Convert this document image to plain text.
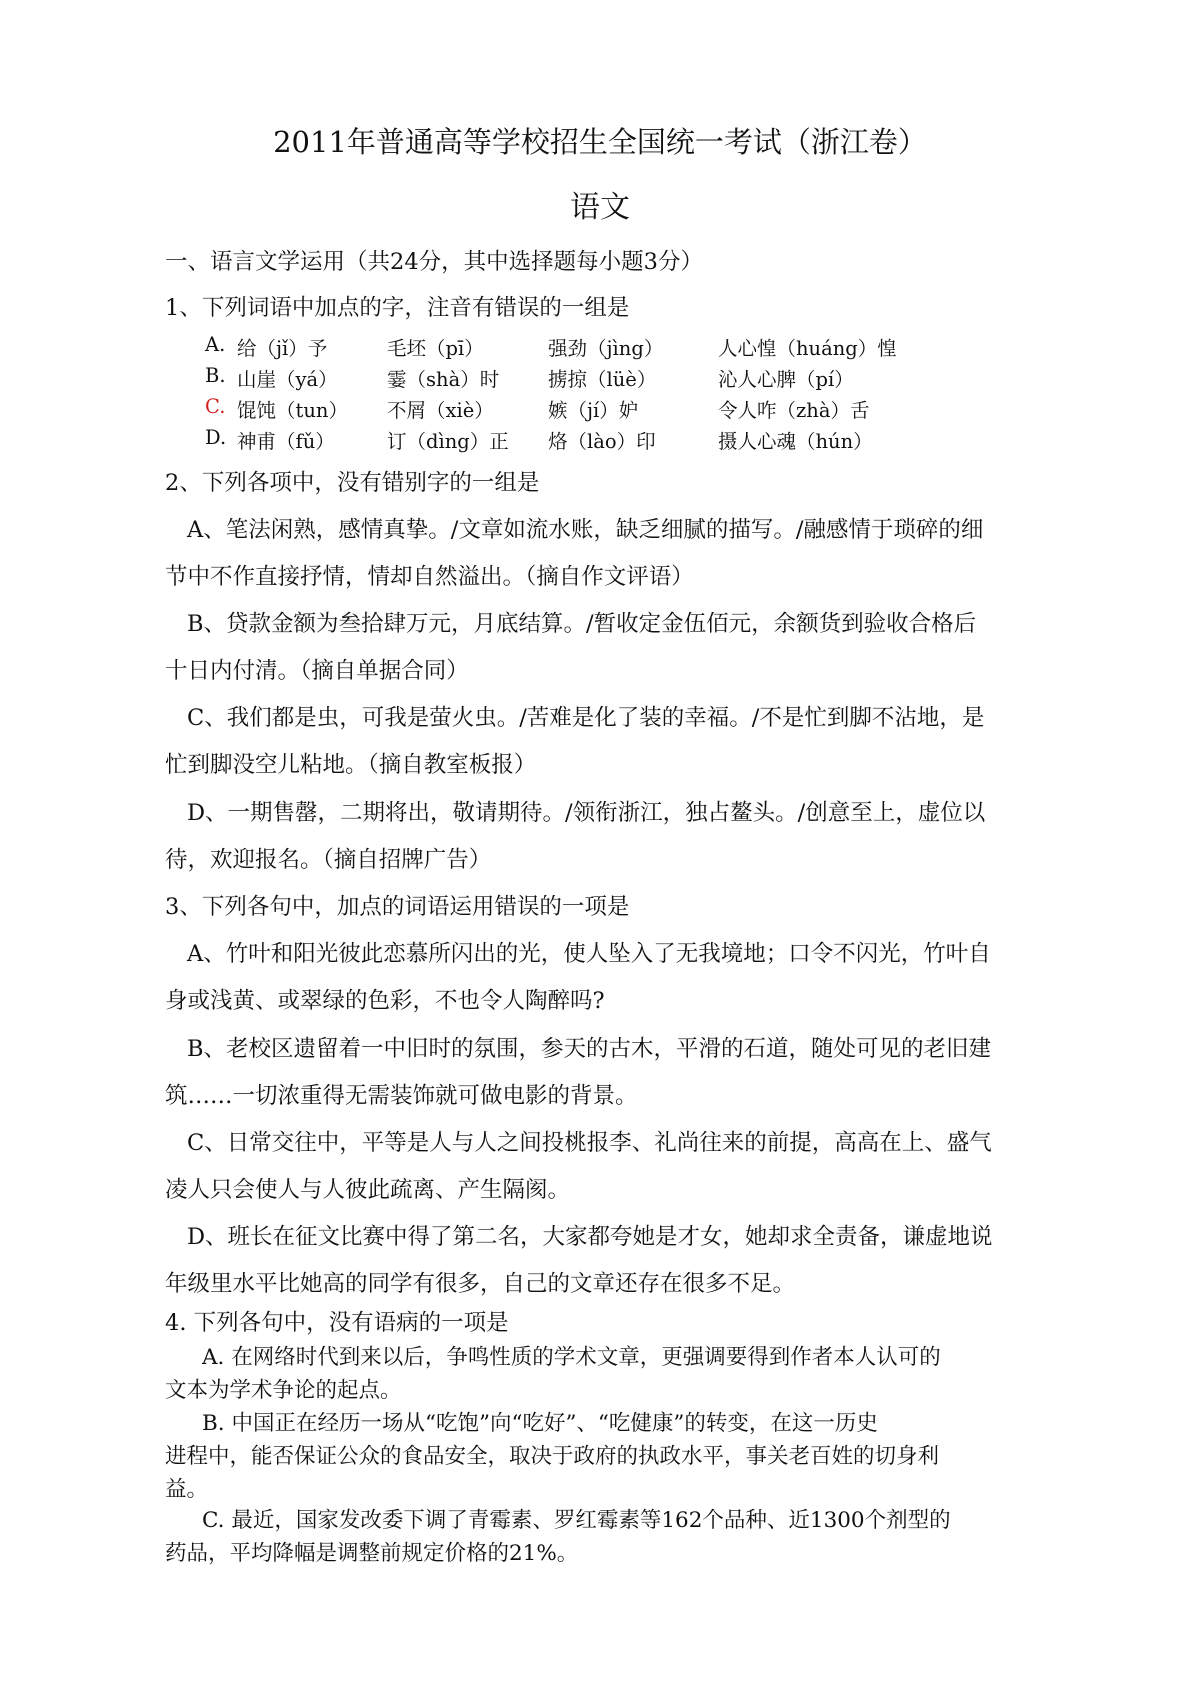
2011年普通高等学校招生全国统一考试（浙江卷）
语文
一、语言文学运用（共24分，其中选择题每小题3分）
1、下列词语中加点的字，注音有错误的一组是
A. 给（jǐ）予	毛坯（pī）	强劲（jìng）	人心惶（huáng）惶
B. 山崖（yá）	霎（shà）时	掳掠（lüè）	沁人心脾（pí）
C. 馄饨（tun） 不屑（xiè）	嫉（jí）妒	令人咋（zhà）舌
D. 神甫（fǔ）	订（dìng）正 烙（lào）印	摄人心魂（hún）
2、下列各项中，没有错别字的一组是
A、笔法闲熟，感情真挚。/文章如流水账，缺乏细腻的描写。/融感情于琐碎的细
节中不作直接抒情，情却自然溢出。（摘自作文评语）
B、贷款金额为叁拾肆万元，月底结算。/暂收定金伍佰元，余额货到验收合格后
十日内付清。（摘自单据合同）
C、我们都是虫，可我是萤火虫。/苦难是化了装的幸福。/不是忙到脚不沾地，是
忙到脚没空儿粘地。（摘自教室板报）
D、一期售罄，二期将出，敬请期待。/领衔浙江，独占鳌头。/创意至上，虚位以
待，欢迎报名。（摘自招牌广告）
3、下列各句中，加点的词语运用错误的一项是
A、竹叶和阳光彼此恋慕所闪出的光，使人坠入了无我境地；口令不闪光，竹叶自
身或浅黄、或翠绿的色彩，不也令人陶醉吗?
B、老校区遗留着一中旧时的氛围，参天的古木，平滑的石道，随处可见的老旧建
筑……一切浓重得无需装饰就可做电影的背景。
C、日常交往中，平等是人与人之间投桃报李、礼尚往来的前提，高高在上、盛气
凌人只会使人与人彼此疏离、产生隔阂。
D、班长在征文比赛中得了第二名，大家都夸她是才女，她却求全责备，谦虚地说
年级里水平比她高的同学有很多，自己的文章还存在很多不足。
4. 下列各句中，没有语病的一项是
A. 在网络时代到来以后，争鸣性质的学术文章，更强调要得到作者本人认可的
文本为学术争论的起点。
B. 中国正在经历一场从“吃饱”向“吃好”、“吃健康”的转变，在这一历史
进程中，能否保证公众的食品安全，取决于政府的执政水平，事关老百姓的切身利
益。
C. 最近，国家发改委下调了青霉素、罗红霉素等162个品种、近1300个剂型的
药品，平均降幅是调整前规定价格的21%。
